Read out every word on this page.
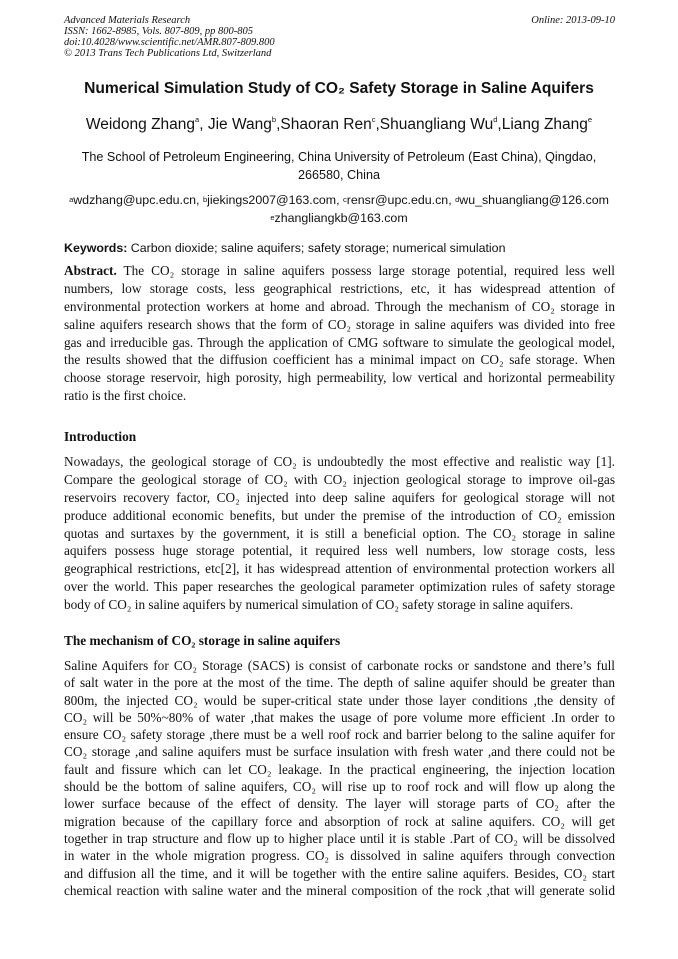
Advanced Materials Research
ISSN: 1662-8985, Vols. 807-809, pp 800-805
doi:10.4028/www.scientific.net/AMR.807-809.800
© 2013 Trans Tech Publications Ltd, Switzerland
Online: 2013-09-10
Numerical Simulation Study of CO₂ Safety Storage in Saline Aquifers
Weidong Zhang$^a$, Jie Wang$^b$,Shaoran Ren$^c$,Shuangliang Wu$^d$,Liang Zhang$^e$
The School of Petroleum Engineering, China University of Petroleum (East China), Qingdao,
266580, China
$^a$wdzhang@upc.edu.cn, $^b$jiekings2007@163.com, $^c$rensr@upc.edu.cn, $^d$wu_shuangliang@126.com
$^e$zhangliangkb@163.com
Keywords: Carbon dioxide; saline aquifers; safety storage; numerical simulation
Abstract. The CO₂ storage in saline aquifers possess large storage potential, required less well
numbers, low storage costs, less geographical restrictions, etc, it has widespread attention of
environmental protection workers at home and abroad. Through the mechanism of CO₂ storage in
saline aquifers research shows that the form of CO₂ storage in saline aquifers was divided into free
gas and irreducible gas. Through the application of CMG software to simulate the geological model,
the results showed that the diffusion coefficient has a minimal impact on CO₂ safe storage. When
choose storage reservoir, high porosity, high permeability, low vertical and horizontal permeability
ratio is the first choice.
Introduction
Nowadays, the geological storage of CO₂ is undoubtedly the most effective and realistic way [1].
Compare the geological storage of CO₂ with CO₂ injection geological storage to improve oil-gas
reservoirs recovery factor, CO₂ injected into deep saline aquifers for geological storage will not
produce additional economic benefits, but under the premise of the introduction of CO₂ emission
quotas and surtaxes by the government, it is still a beneficial option. The CO₂ storage in saline
aquifers possess huge storage potential, it required less well numbers, low storage costs, less
geographical restrictions, etc[2], it has widespread attention of environmental protection workers all
over the world. This paper researches the geological parameter optimization rules of safety storage
body of CO₂ in saline aquifers by numerical simulation of CO₂ safety storage in saline aquifers.
The mechanism of CO₂ storage in saline aquifers
Saline Aquifers for CO₂ Storage (SACS) is consist of carbonate rocks or sandstone and there’s full
of salt water in the pore at the most of the time. The depth of saline aquifer should be greater than
800m, the injected CO₂ would be super-critical state under those layer conditions ,the density of
CO₂ will be 50%~80% of water ,that makes the usage of pore volume more efficient .In order to
ensure CO₂ safety storage ,there must be a well roof rock and barrier belong to the saline aquifer for
CO₂ storage ,and saline aquifers must be surface insulation with fresh water ,and there could not be
fault and fissure which can let CO₂ leakage. In the practical engineering, the injection location
should be the bottom of saline aquifers, CO₂ will rise up to roof rock and will flow up along the
lower surface because of the effect of density. The layer will storage parts of CO₂ after the
migration because of the capillary force and absorption of rock at saline aquifers. CO₂ will get
together in trap structure and flow up to higher place until it is stable .Part of CO₂ will be dissolved
in water in the whole migration progress. CO₂ is dissolved in saline aquifers through convection
and diffusion all the time, and it will be together with the entire saline aquifers. Besides, CO₂ start
chemical reaction with saline water and the mineral composition of the rock ,that will generate solid
